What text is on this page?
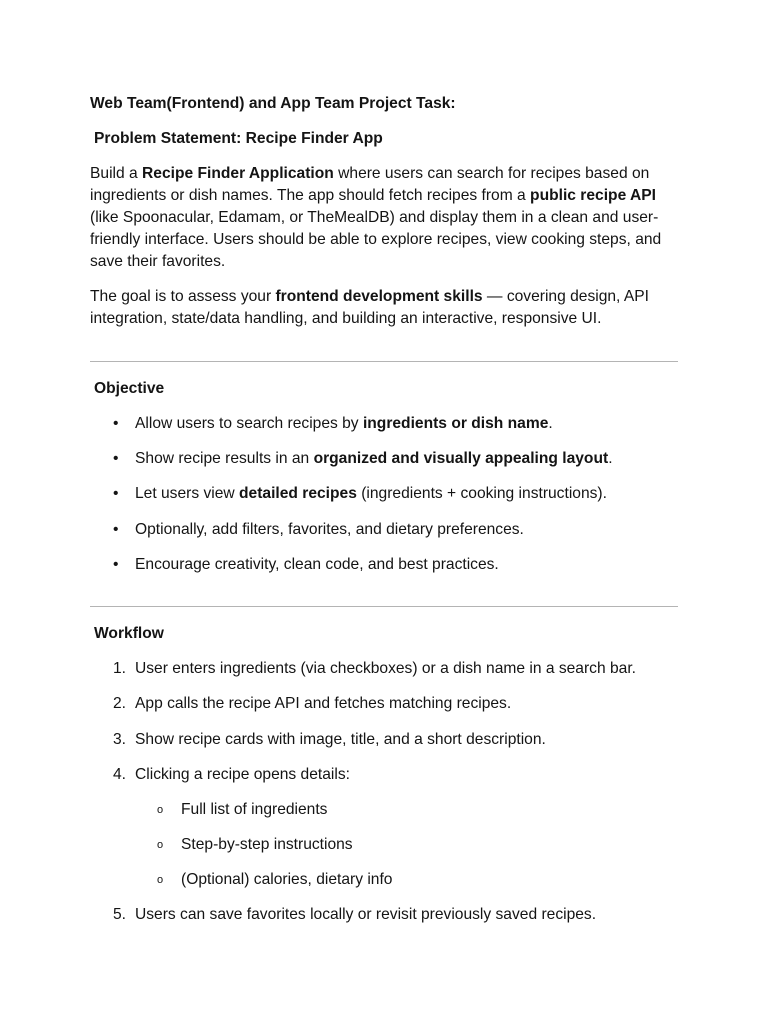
Web Team(Frontend) and App Team Project Task:
Problem Statement: Recipe Finder App
Build a Recipe Finder Application where users can search for recipes based on
ingredients or dish names. The app should fetch recipes from a public recipe API
(like Spoonacular, Edamam, or TheMealDB) and display them in a clean and user-
friendly interface. Users should be able to explore recipes, view cooking steps, and
save their favorites.
The goal is to assess your frontend development skills — covering design, API
integration, state/data handling, and building an interactive, responsive UI.
Objective
• Allow users to search recipes by ingredients or dish name.
• Show recipe results in an organized and visually appealing layout.
• Let users view detailed recipes (ingredients + cooking instructions).
• Optionally, add filters, favorites, and dietary preferences.
• Encourage creativity, clean code, and best practices.
Workflow
1. User enters ingredients (via checkboxes) or a dish name in a search bar.
2. App calls the recipe API and fetches matching recipes.
3. Show recipe cards with image, title, and a short description.
4. Clicking a recipe opens details:
o Full list of ingredients
o Step-by-step instructions
o (Optional) calories, dietary info
5. Users can save favorites locally or revisit previously saved recipes.
